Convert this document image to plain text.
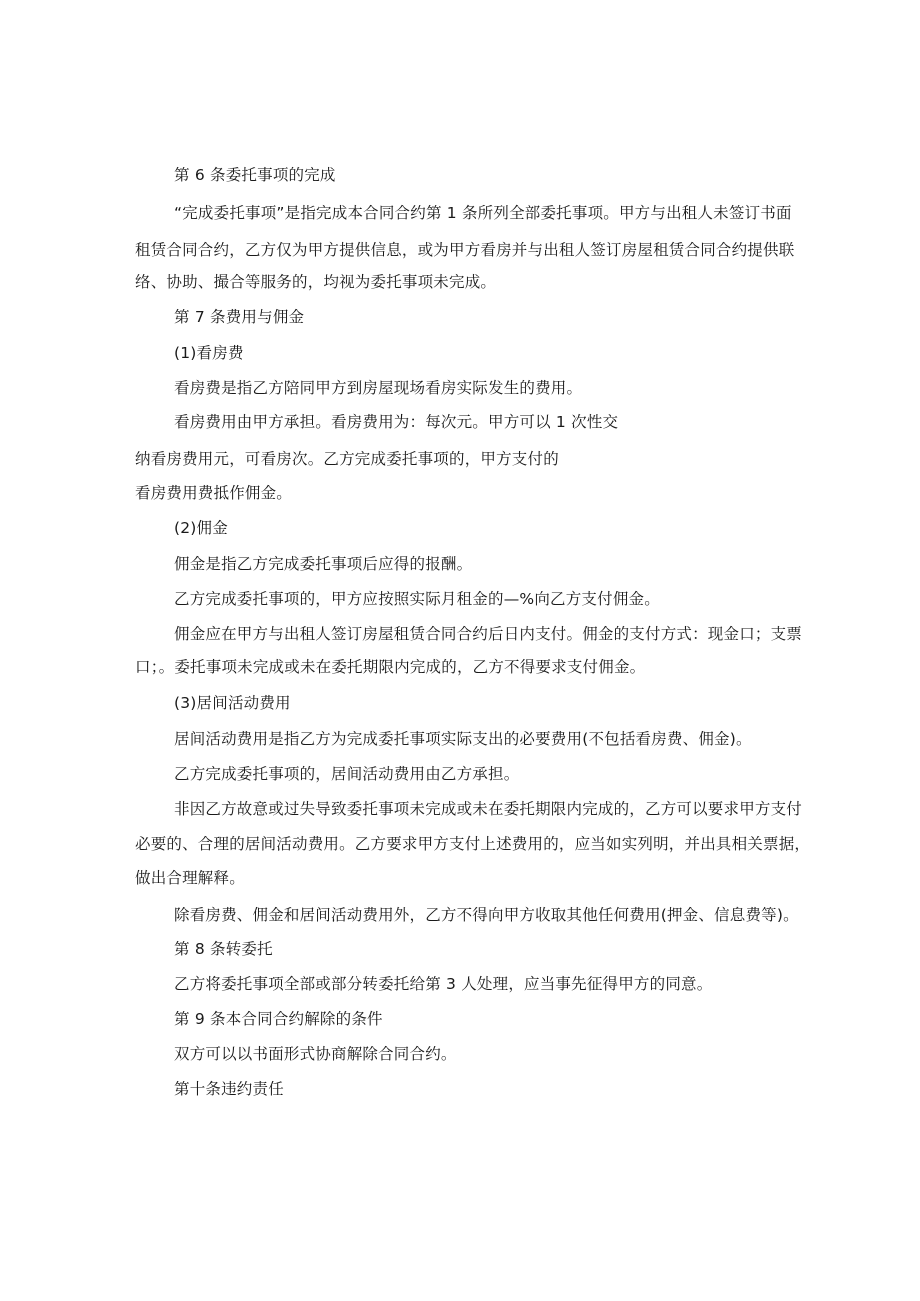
第 6 条委托事项的完成

“完成委托事项”是指完成本合同合约第 1 条所列全部委托事项。甲方与出租人未签订书面

租赁合同合约，乙方仅为甲方提供信息，或为甲方看房并与出租人签订房屋租赁合同合约提供联

络、协助、撮合等服务的，均视为委托事项未完成。

第 7 条费用与佣金

(1)看房费

看房费是指乙方陪同甲方到房屋现场看房实际发生的费用。

看房费用由甲方承担。看房费用为：每次元。甲方可以 1 次性交

纳看房费用元，可看房次。乙方完成委托事项的，甲方支付的

看房费用费抵作佣金。

(2)佣金

佣金是指乙方完成委托事项后应得的报酬。

乙方完成委托事项的，甲方应按照实际月租金的—%向乙方支付佣金。

佣金应在甲方与出租人签订房屋租赁合同合约后日内支付。佣金的支付方式：现金口；支票

口；。委托事项未完成或未在委托期限内完成的，乙方不得要求支付佣金。

(3)居间活动费用

居间活动费用是指乙方为完成委托事项实际支出的必要费用(不包括看房费、佣金)。

乙方完成委托事项的，居间活动费用由乙方承担。

非因乙方故意或过失导致委托事项未完成或未在委托期限内完成的，乙方可以要求甲方支付

必要的、合理的居间活动费用。乙方要求甲方支付上述费用的，应当如实列明，并出具相关票据，

做出合理解释。

除看房费、佣金和居间活动费用外，乙方不得向甲方收取其他任何费用(押金、信息费等)。

第 8 条转委托

乙方将委托事项全部或部分转委托给第 3 人处理，应当事先征得甲方的同意。

第 9 条本合同合约解除的条件

双方可以以书面形式协商解除合同合约。

第十条违约责任
